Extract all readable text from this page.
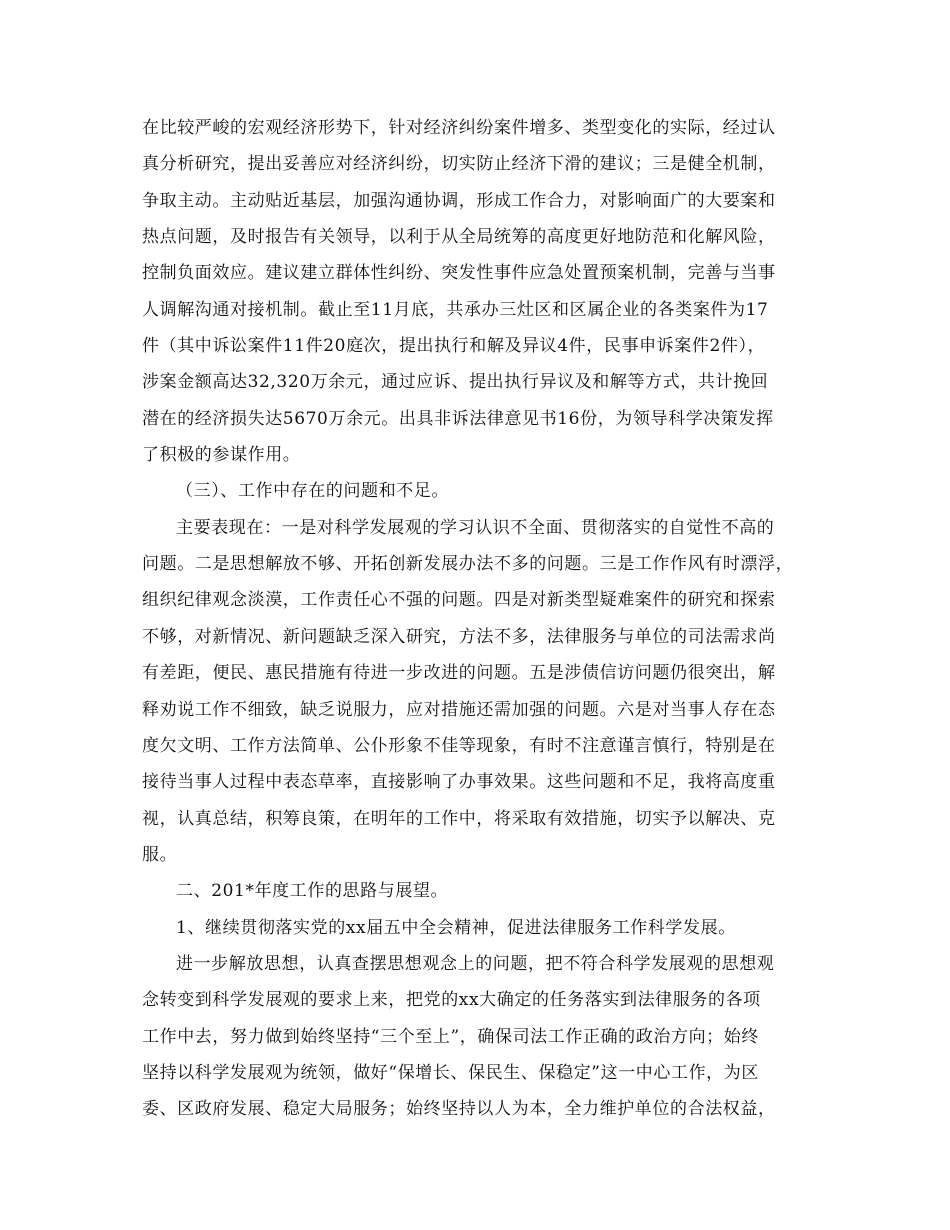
在比较严峻的宏观经济形势下，针对经济纠纷案件增多、类型变化的实际，经过认
真分析研究，提出妥善应对经济纠纷，切实防止经济下滑的建议；三是健全机制，
争取主动。主动贴近基层，加强沟通协调，形成工作合力，对影响面广的大要案和
热点问题，及时报告有关领导，以利于从全局统筹的高度更好地防范和化解风险，
控制负面效应。建议建立群体性纠纷、突发性事件应急处置预案机制，完善与当事
人调解沟通对接机制。截止至11月底，共承办三灶区和区属企业的各类案件为17
件（其中诉讼案件11件20庭次，提出执行和解及异议4件，民事申诉案件2件），
涉案金额高达32,320万余元，通过应诉、提出执行异议及和解等方式，共计挽回
潜在的经济损失达5670万余元。出具非诉法律意见书16份，为领导科学决策发挥
了积极的参谋作用。
（三）、工作中存在的问题和不足。
主要表现在：一是对科学发展观的学习认识不全面、贯彻落实的自觉性不高的
问题。二是思想解放不够、开拓创新发展办法不多的问题。三是工作作风有时漂浮，
组织纪律观念淡漠，工作责任心不强的问题。四是对新类型疑难案件的研究和探索
不够，对新情况、新问题缺乏深入研究，方法不多，法律服务与单位的司法需求尚
有差距，便民、惠民措施有待进一步改进的问题。五是涉债信访问题仍很突出，解
释劝说工作不细致，缺乏说服力，应对措施还需加强的问题。六是对当事人存在态
度欠文明、工作方法简单、公仆形象不佳等现象，有时不注意谨言慎行，特别是在
接待当事人过程中表态草率，直接影响了办事效果。这些问题和不足，我将高度重
视，认真总结，积筹良策，在明年的工作中，将采取有效措施，切实予以解决、克
服。
二、201*年度工作的思路与展望。
1、继续贯彻落实党的xx届五中全会精神，促进法律服务工作科学发展。
进一步解放思想，认真查摆思想观念上的问题，把不符合科学发展观的思想观
念转变到科学发展观的要求上来，把党的xx大确定的任务落实到法律服务的各项
工作中去，努力做到始终坚持“三个至上”，确保司法工作正确的政治方向；始终
坚持以科学发展观为统领，做好“保增长、保民生、保稳定”这一中心工作，为区
委、区政府发展、稳定大局服务；始终坚持以人为本，全力维护单位的合法权益，
